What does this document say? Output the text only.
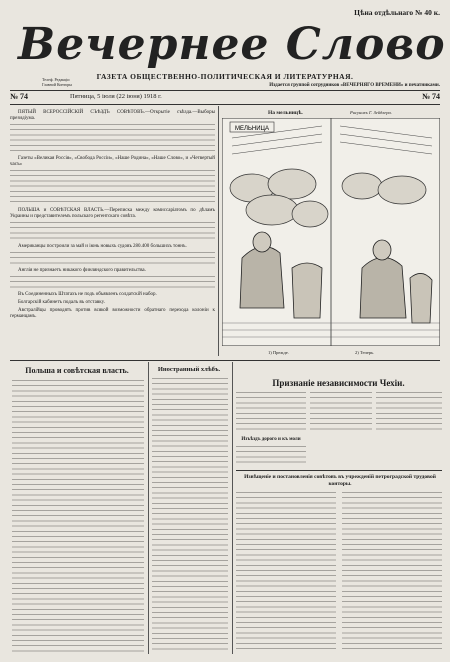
Цѣна отдѣльнаго № 40 к.
Вечернее Слово
Телеф. Редакціи
Главной Конторы
ГАЗЕТА ОБЩЕСТВЕННО-ПОЛИТИЧЕСКАЯ И ЛИТЕРАТУРНАЯ.
Издается группой сотрудников «ВЕЧЕРНЯГО ВРЕМЕНИ» и печатниками.
№ 74	Пятница, 5 іюля (22 іюня) 1918 г.	№ 74

ПЯТЫЙ ВСЕРОССІЙСКІЙ СЪѢЗДЪ СОВѢТОВЪ.—Открытіе съѣзда.—Выборы президіума.

Газеты «Великая Россія», «Свобода Россіи», «Наше Родина», «Наше Слово», и «Четвертый часъ»

ПОЛЬША и СОВѢТСКАЯ ВЛАСТЬ.—Переписка между комиссаріатомъ по дѣламъ Украины и представителемъ польскаго регентскаго совѣта.

Американцы построили за май и іюнь новыхъ судовъ 280.400 большихъ тоннъ.

Англія не признаетъ никакого финляндского правительства.

Въ Соединенныхъ Штатахъ не подъ объявленъ солдатскій набор.

Болгарскій кабинетъ подалъ въ отставку.

Австралійцы проводятъ против всякой возможности обратнаго перехода колоніи к германцамъ.

На мельницѣ.	Рисунокъ Г. Зейдлера.
МЕЛЬНИЦА
1) Прежде.	2) Теперь.
Польша и совѣтская власть.	Иностранный хлѣбъ.
Признаніе независимости Чехіи.
Изъѣздъ дорого и къ моли
Извѣщеніе и постановленія совѣтовъ въ учрежденій петроградской трудовой конторы.
